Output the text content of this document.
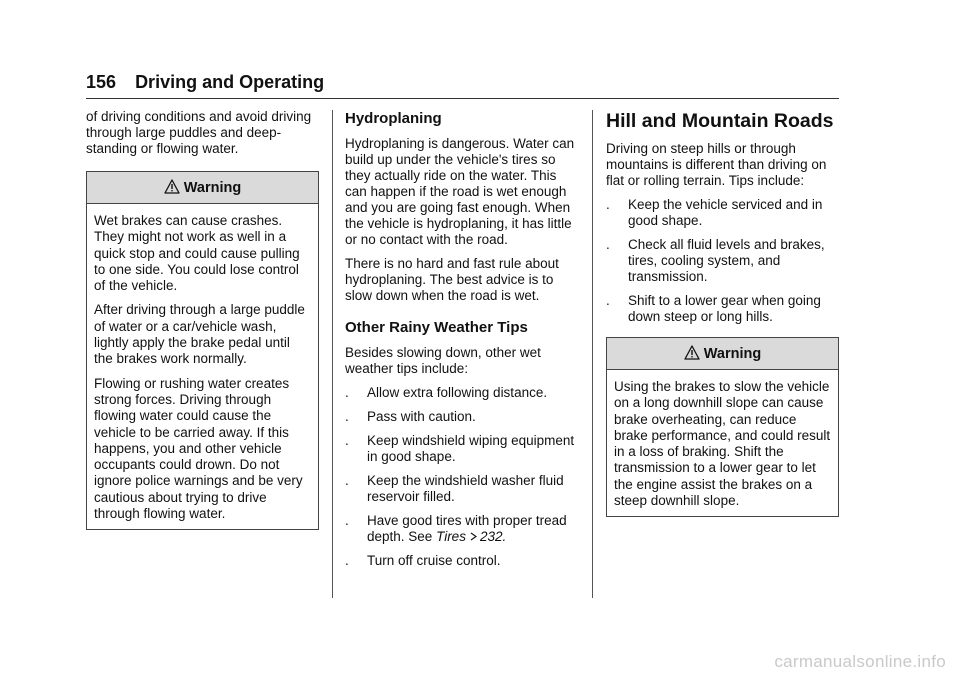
156 Driving and Operating

of driving conditions and avoid driving through large puddles and deep-standing or flowing water.

Warning

Wet brakes can cause crashes. They might not work as well in a quick stop and could cause pulling to one side. You could lose control of the vehicle.

After driving through a large puddle of water or a car/vehicle wash, lightly apply the brake pedal until the brakes work normally.

Flowing or rushing water creates strong forces. Driving through flowing water could cause the vehicle to be carried away. If this happens, you and other vehicle occupants could drown. Do not ignore police warnings and be very cautious about trying to drive through flowing water.

Hydroplaning

Hydroplaning is dangerous. Water can build up under the vehicle's tires so they actually ride on the water. This can happen if the road is wet enough and you are going fast enough. When the vehicle is hydroplaning, it has little or no contact with the road.

There is no hard and fast rule about hydroplaning. The best advice is to slow down when the road is wet.

Other Rainy Weather Tips

Besides slowing down, other wet weather tips include:

.	Allow extra following distance.
.	Pass with caution.
.	Keep windshield wiping equipment in good shape.
.	Keep the windshield washer fluid reservoir filled.
.	Have good tires with proper tread depth. See Tires 232.
.	Turn off cruise control.
Hill and Mountain Roads

Driving on steep hills or through mountains is different than driving on flat or rolling terrain. Tips include:

.	Keep the vehicle serviced and in good shape.
.	Check all fluid levels and brakes, tires, cooling system, and transmission.
.	Shift to a lower gear when going down steep or long hills.
Warning

Using the brakes to slow the vehicle on a long downhill slope can cause brake overheating, can reduce brake performance, and could result in a loss of braking. Shift the transmission to a lower gear to let the engine assist the brakes on a steep downhill slope.

carmanualsonline.info
